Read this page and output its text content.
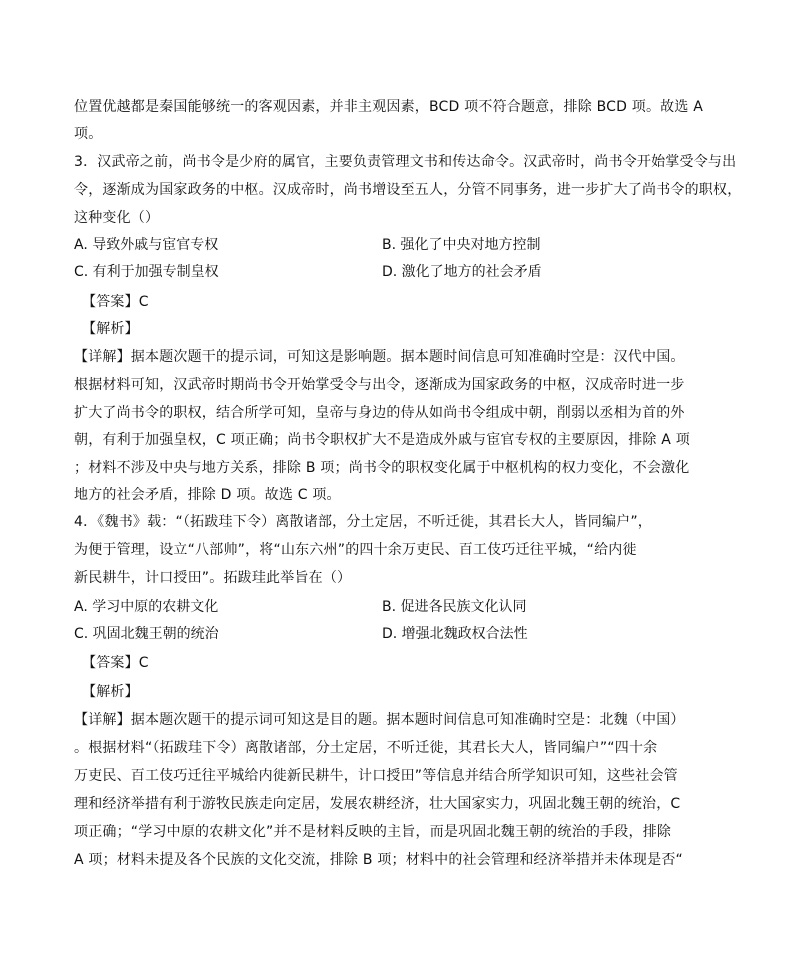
位置优越都是秦国能够统一的客观因素，并非主观因素，BCD 项不符合题意，排除 BCD 项。故选 A
项。
3．汉武帝之前，尚书令是少府的属官，主要负责管理文书和传达命令。汉武帝时，尚书令开始掌受令与出
令，逐渐成为国家政务的中枢。汉成帝时，尚书增设至五人，分管不同事务，进一步扩大了尚书令的职权，
这种变化（）
A. 导致外戚与宦官专权	B. 强化了中央对地方控制
C. 有利于加强专制皇权	D. 激化了地方的社会矛盾
【答案】C
【解析】
【详解】据本题次题干的提示词，可知这是影响题。据本题时间信息可知准确时空是：汉代中国。
根据材料可知，汉武帝时期尚书令开始掌受令与出令，逐渐成为国家政务的中枢，汉成帝时进一步
扩大了尚书令的职权，结合所学可知，皇帝与身边的侍从如尚书令组成中朝，削弱以丞相为首的外
朝，有利于加强皇权，C 项正确；尚书令职权扩大不是造成外戚与宦官专权的主要原因，排除 A 项
；材料不涉及中央与地方关系，排除 B 项；尚书令的职权变化属于中枢机构的权力变化，不会激化
地方的社会矛盾，排除 D 项。故选 C 项。
4．《魏书》载：“（拓跋珪下令）离散诸部，分土定居，不听迁徙，其君长大人，皆同编户”，
为便于管理，设立“八部帅”，将“山东六州”的四十余万吏民、百工伎巧迁往平城，“给内徙
新民耕牛，计口授田”。拓跋珪此举旨在（）
A. 学习中原的农耕文化	B. 促进各民族文化认同
C. 巩固北魏王朝的统治	D. 增强北魏政权合法性
【答案】C
【解析】
【详解】据本题次题干的提示词可知这是目的题。据本题时间信息可知准确时空是：北魏（中国）
。根据材料“（拓跋珪下令）离散诸部，分土定居，不听迁徙，其君长大人，皆同编户”“四十余
万吏民、百工伎巧迁往平城给内徙新民耕牛，计口授田”等信息并结合所学知识可知，这些社会管
理和经济举措有利于游牧民族走向定居，发展农耕经济，壮大国家实力，巩固北魏王朝的统治，C
项正确；“学习中原的农耕文化”并不是材料反映的主旨，而是巩固北魏王朝的统治的手段，排除
A 项；材料未提及各个民族的文化交流，排除 B 项；材料中的社会管理和经济举措并未体现是否“
